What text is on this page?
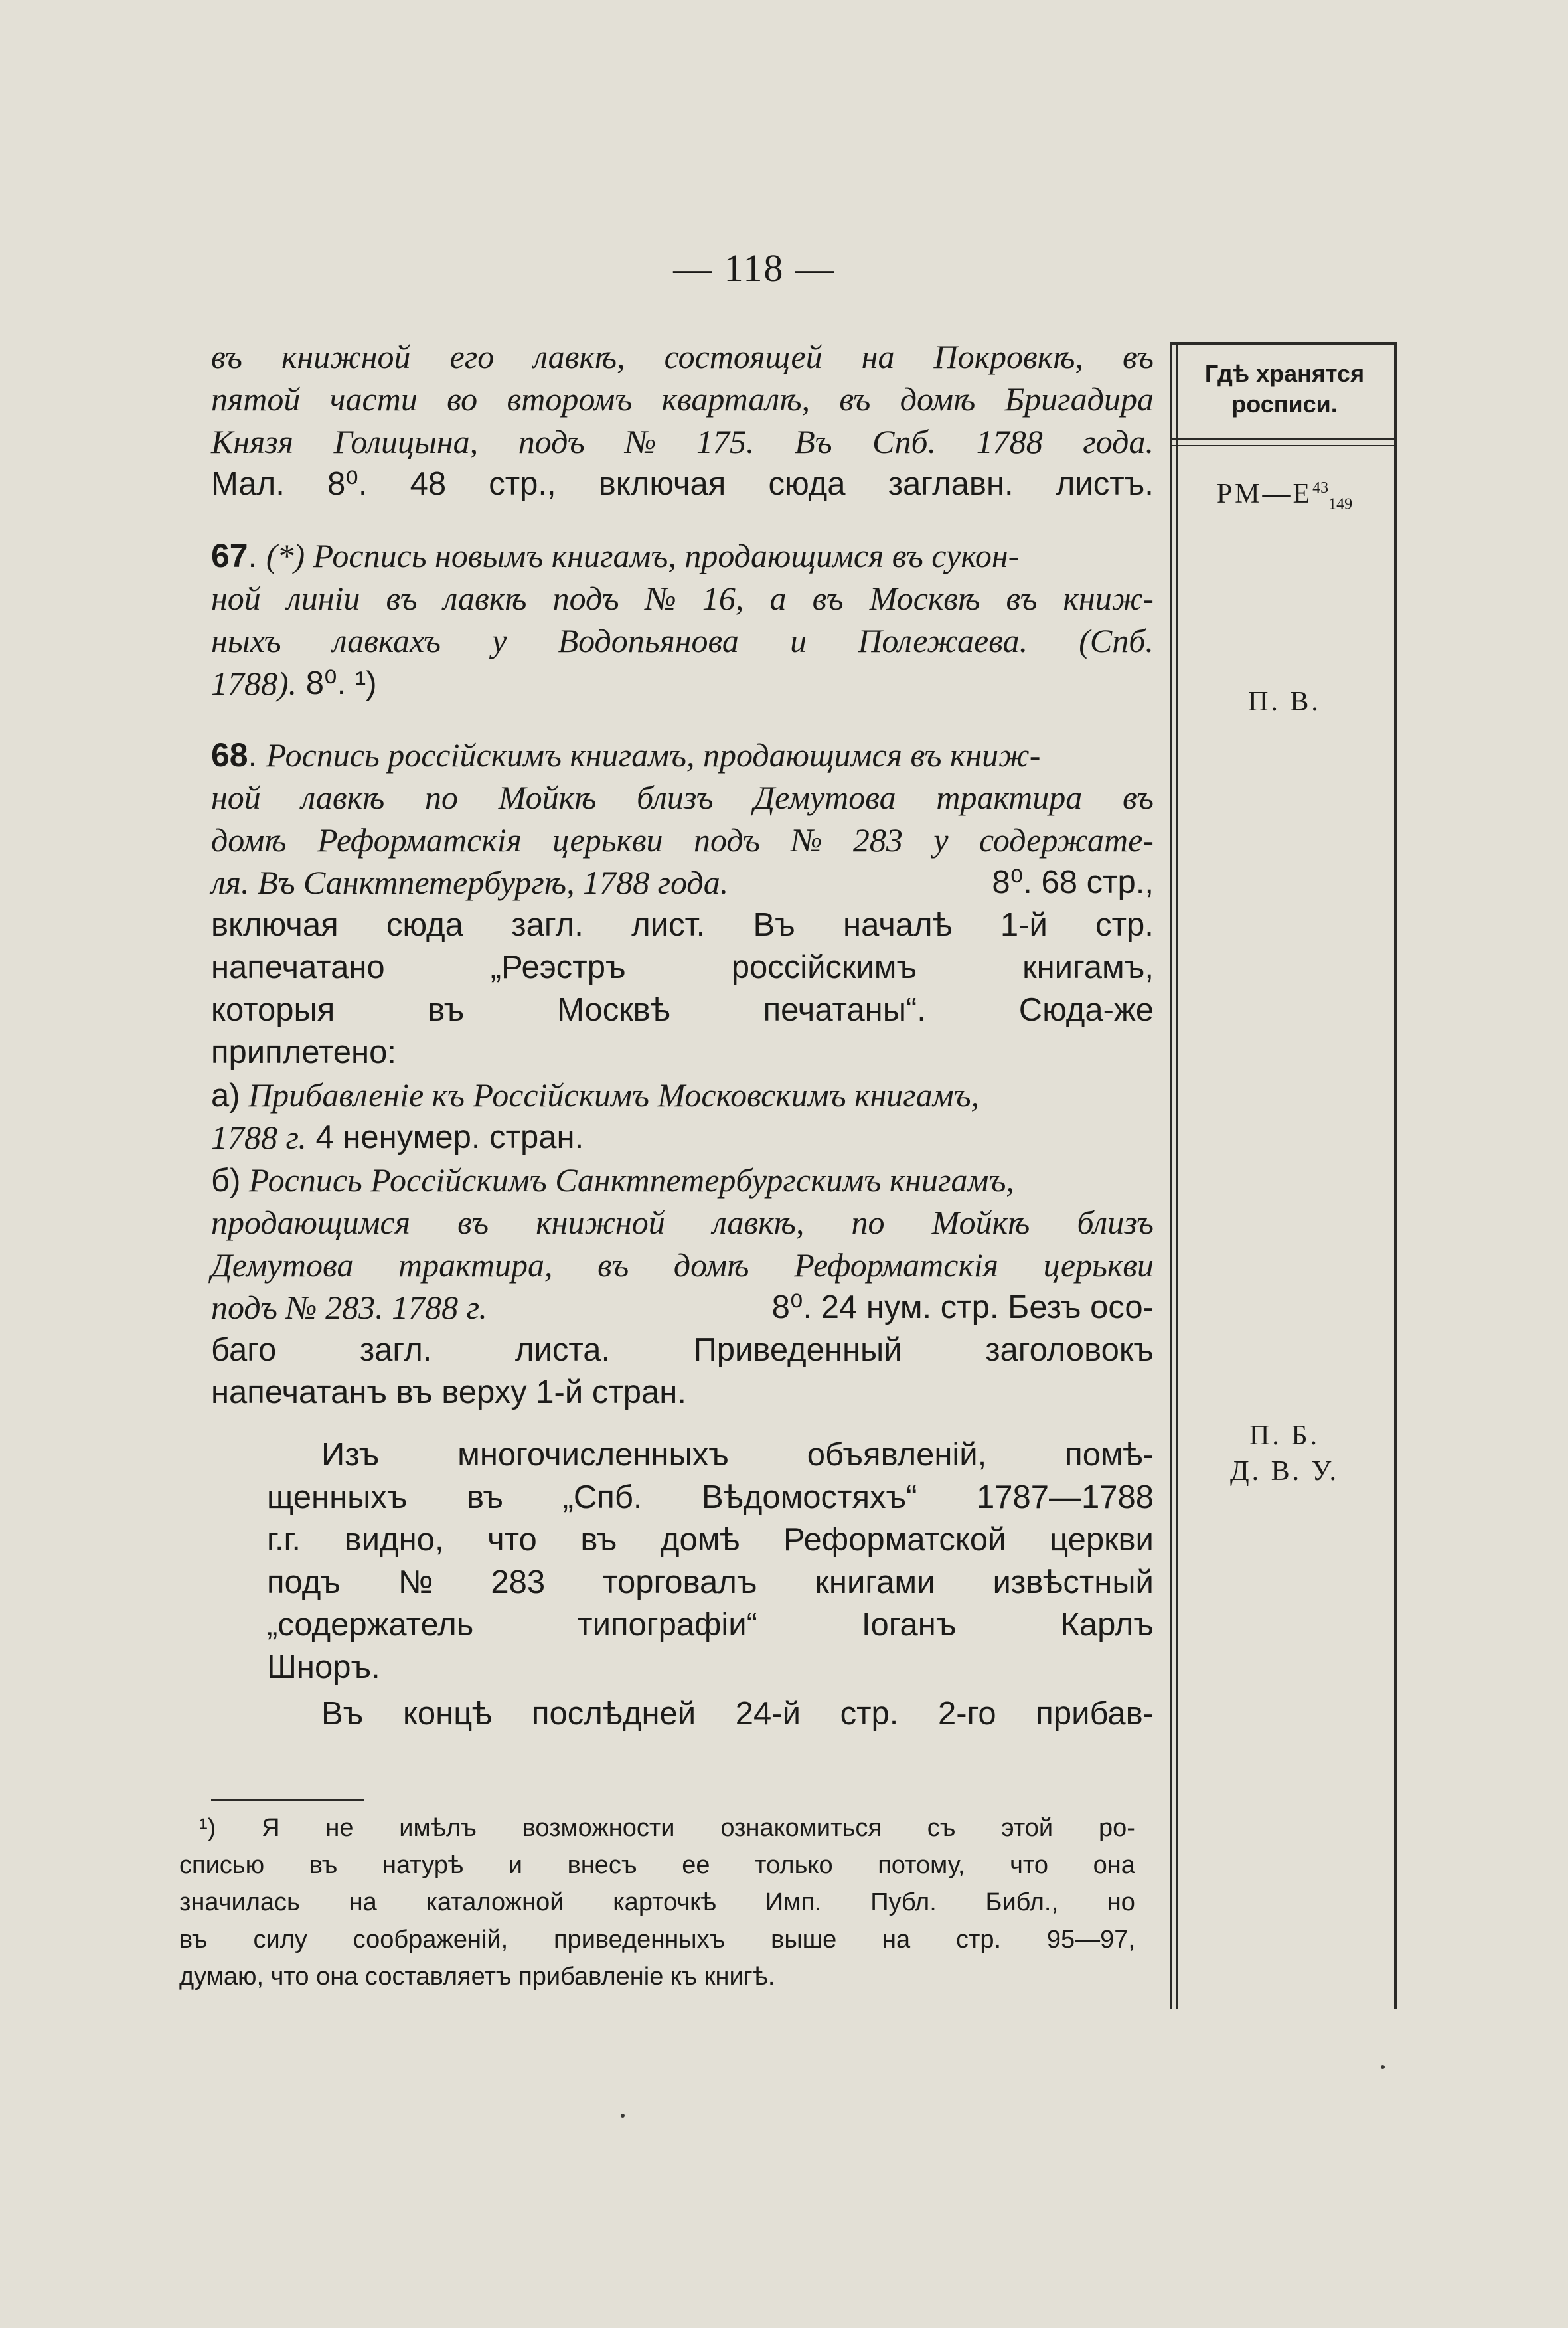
— 118 —
Гдѣ хранятся
росписи.
$РМ—Е^{43}_{149}$
П. В.
П. Б.
Д. В. У.
въ книжной его лавкѣ, состоящей на Покровкѣ, въ
пятой части во второмъ кварталѣ, въ домѣ Бригадира
Князя Голицына, подъ № 175. Въ Спб. 1788 года.
Мал. 8⁰. 48 стр., включая сюда заглавн. листъ.
67. (*) Роспись новымъ книгамъ, продающимся въ сукон-
ной линiи въ лавкѣ подъ № 16, а въ Москвѣ въ книж-
ныхъ лавкахъ у Водопьянова и Полежаева. (Спб.
1788). 8⁰. ¹)
68. Роспись россiйскимъ книгамъ, продающимся въ книж-
ной лавкѣ по Мойкѣ близъ Демутова трактира въ
домѣ Реформатскiя церькви подъ № 283 у содержате-
ля. Въ Санктпетербургѣ, 1788 года.	8⁰. 68 стр.,
включая сюда загл. лист. Въ началѣ 1-й стр.
напечатано	„Реэстръ	россiйскимъ	книгамъ,
которыя	въ	Москвѣ	печатаны“.	Сюда-же
приплетено:
а) Прибавленiе къ Россiйскимъ Московскимъ книгамъ,
1788 г. 4 ненумер. стран.
б) Роспись Россiйскимъ Санктпетербургскимъ книгамъ,
продающимся въ книжной лавкѣ, по Мойкѣ близъ
Демутова трактира, въ домѣ Реформатскiя церькви
подъ № 283. 1788 г.	8⁰. 24 нум. стр. Безъ осо-
баго	загл.	листа.	Приведенный	заголовокъ
напечатанъ въ верху 1-й стран.
Изъ многочисленныхъ объявленiй, помѣ-
щенныхъ въ „Спб. Вѣдомостяхъ“ 1787—1788
г.г. видно, что въ домѣ Реформатской церкви
подъ № 283 торговалъ книгами извѣстный
„содержатель	типографiи“	Iоганъ	Карлъ
Шноръ.
Въ концѣ послѣдней 24-й стр. 2-го прибав-
¹) Я не имѣлъ возможности ознакомиться съ этой ро-
списью въ натурѣ и внесъ ее только потому, что она
значилась на каталожной карточкѣ Имп. Публ. Библ., но
въ силу соображенiй, приведенныхъ выше на стр. 95—97,
думаю, что она составляетъ прибавленiе къ книгѣ.
